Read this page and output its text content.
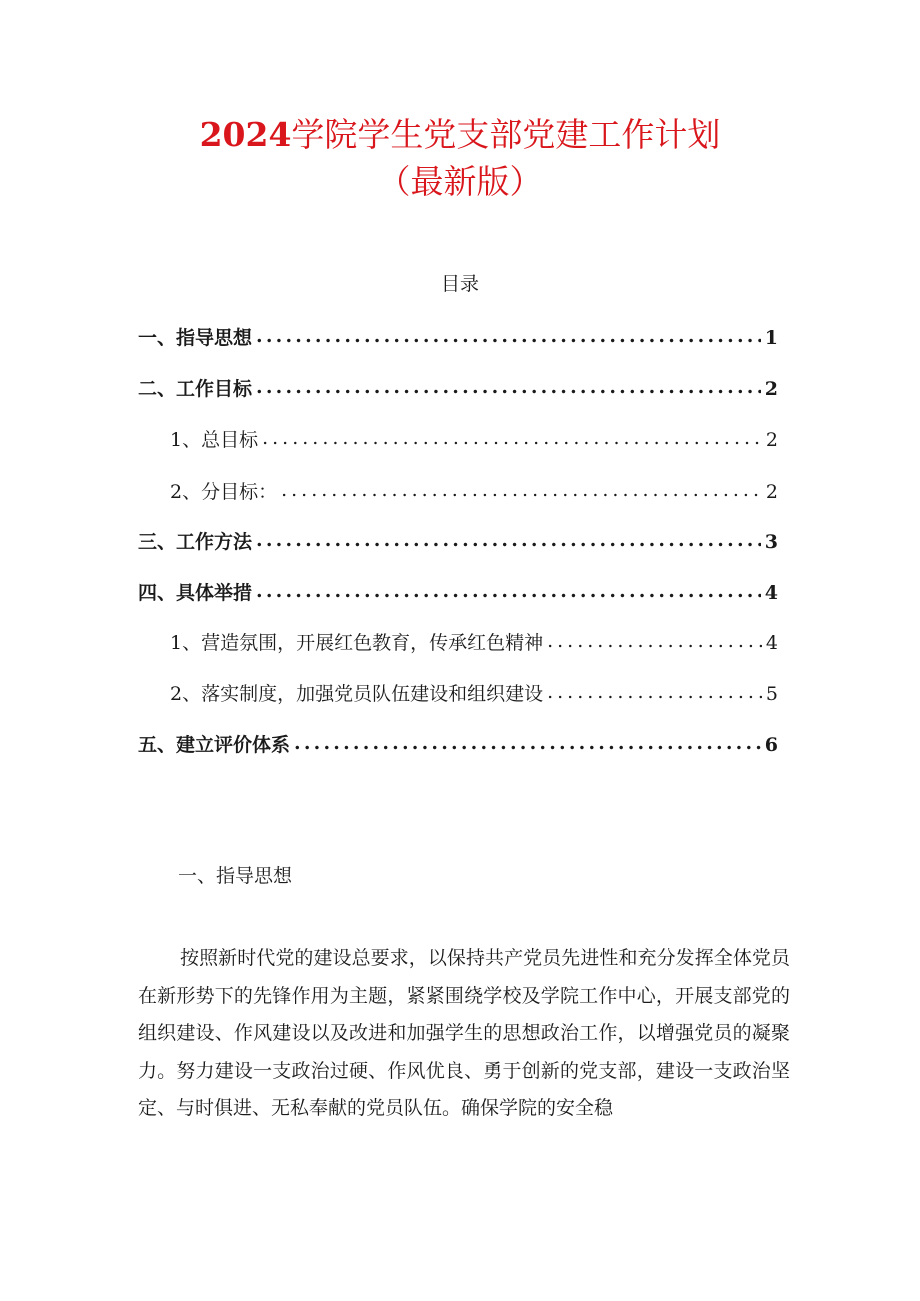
2024学院学生党支部党建工作计划
（最新版）
目录
一、指导思想 .....	1
二、工作目标 .....	2
1、总目标 .....	2
2、分目标： .....	2
三、工作方法 .....	3
四、具体举措 .....	4
1、营造氛围，开展红色教育，传承红色精神 .....	4
2、落实制度，加强党员队伍建设和组织建设 .....	5
五、建立评价体系 .....	6
一、指导思想

按照新时代党的建设总要求，以保持共产党员先进性和充分发挥全体党员在新形势下的先锋作用为主题，紧紧围绕学校及学院工作中心，开展支部党的组织建设、作风建设以及改进和加强学生的思想政治工作，以增强党员的凝聚力。努力建设一支政治过硬、作风优良、勇于创新的党支部，建设一支政治坚定、与时俱进、无私奉献的党员队伍。确保学院的安全稳
